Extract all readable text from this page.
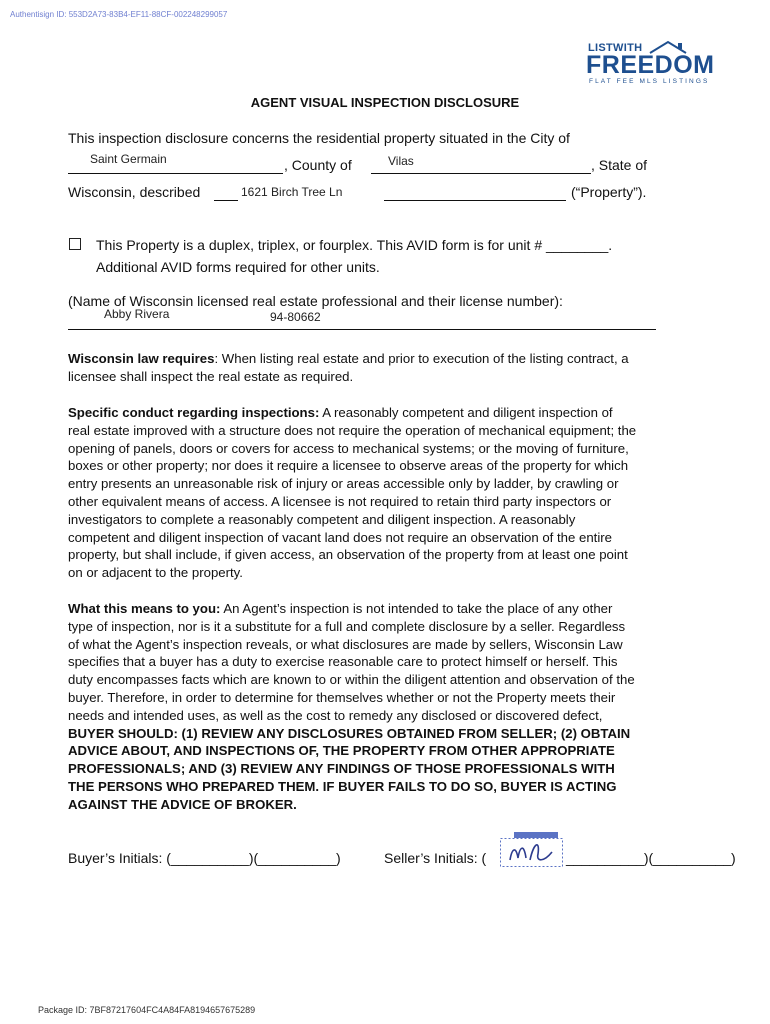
Authentisign ID: 553D2A73-83B4-EF11-88CF-002248299057
LISTWITH
FREEDOM
FLAT FEE MLS LISTINGS
AGENT VISUAL INSPECTION DISCLOSURE
This inspection disclosure concerns the residential property situated in the City of
Saint Germain	, County of	Vilas	, State of
Wisconsin, described	1621 Birch Tree Ln	(“Property”).
This Property is a duplex, triplex, or fourplex. This AVID form is for unit # ________.
Additional AVID forms required for other units.
(Name of Wisconsin licensed real estate professional and their license number):
Abby Rivera	94-80662

Wisconsin law requires: When listing real estate and prior to execution of the listing contract, a

licensee shall inspect the real estate as required.

Specific conduct regarding inspections: A reasonably competent and diligent inspection of

real estate improved with a structure does not require the operation of mechanical equipment; the

opening of panels, doors or covers for access to mechanical systems; or the moving of furniture,

boxes or other property; nor does it require a licensee to observe areas of the property for which

entry presents an unreasonable risk of injury or areas accessible only by ladder, by crawling or

other equivalent means of access. A licensee is not required to retain third party inspectors or

investigators to complete a reasonably competent and diligent inspection. A reasonably

competent and diligent inspection of vacant land does not require an observation of the entire

property, but shall include, if given access, an observation of the property from at least one point

on or adjacent to the property.

What this means to you: An Agent’s inspection is not intended to take the place of any other

type of inspection, nor is it a substitute for a full and complete disclosure by a seller. Regardless

of what the Agent’s inspection reveals, or what disclosures are made by sellers, Wisconsin Law

specifies that a buyer has a duty to exercise reasonable care to protect himself or herself. This

duty encompasses facts which are known to or within the diligent attention and observation of the

buyer. Therefore, in order to determine for themselves whether or not the Property meets their

needs and intended uses, as well as the cost to remedy any disclosed or discovered defect,

BUYER SHOULD: (1) REVIEW ANY DISCLOSURES OBTAINED FROM SELLER; (2) OBTAIN

ADVICE ABOUT, AND INSPECTIONS OF, THE PROPERTY FROM OTHER APPROPRIATE

PROFESSIONALS; AND (3) REVIEW ANY FINDINGS OF THOSE PROFESSIONALS WITH

THE PERSONS WHO PREPARED THEM. IF BUYER FAILS TO DO SO, BUYER IS ACTING

AGAINST THE ADVICE OF BROKER.

Buyer’s Initials: (__________)(__________)	Seller’s Initials: (	__________)(__________)
Package ID: 7BF87217604FC4A84FA8194657675289
